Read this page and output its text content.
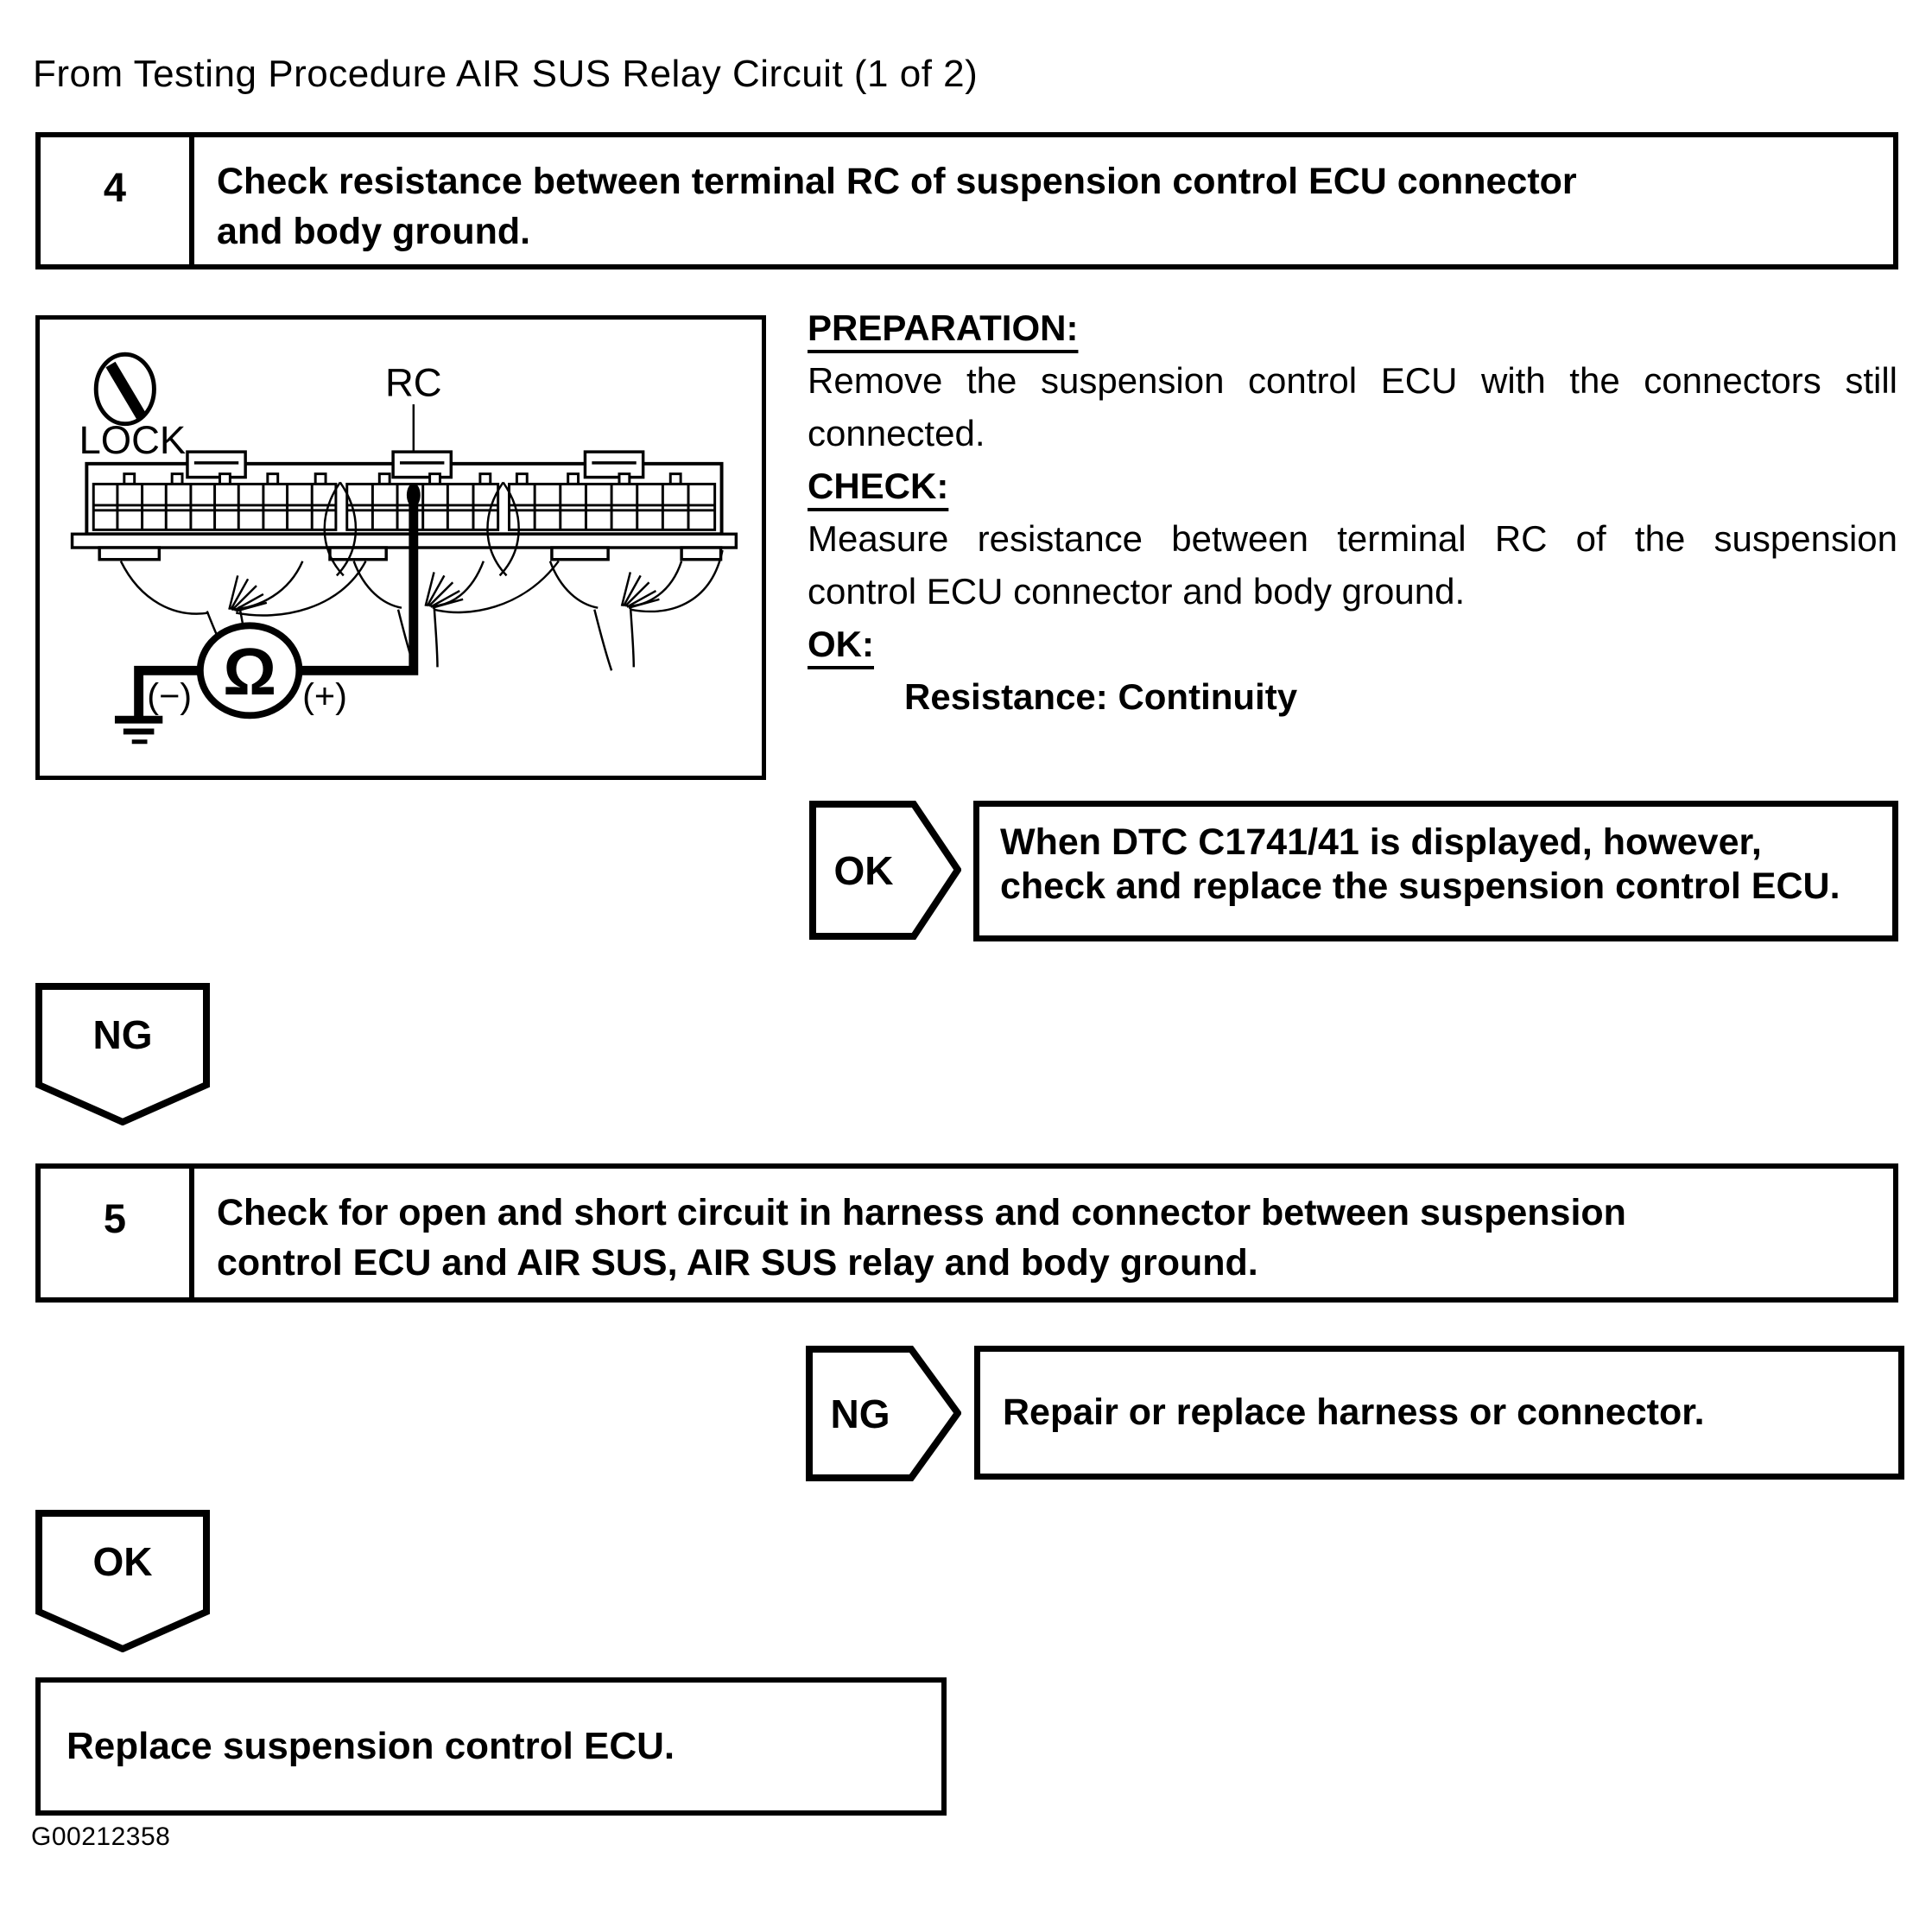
From Testing Procedure AIR SUS Relay Circuit (1 of 2)
4	Check resistance between terminal RC of suspension control ECU connector
and body ground.
LOCK
RC
Ω
(−)	(+)
PREPARATION:
Remove the suspension control ECU with the connectors still
connected.
CHECK:
Measure resistance between terminal RC of the suspension
control ECU connector and body ground.
OK:
Resistance: Continuity
OK
When DTC C1741/41 is displayed, however,
check and replace the suspension control ECU.
NG
5	Check for open and short circuit in harness and connector between suspension
control ECU and AIR SUS, AIR SUS relay and body ground.
NG	Repair or replace harness or connector.
OK
Replace suspension control ECU.
G00212358
